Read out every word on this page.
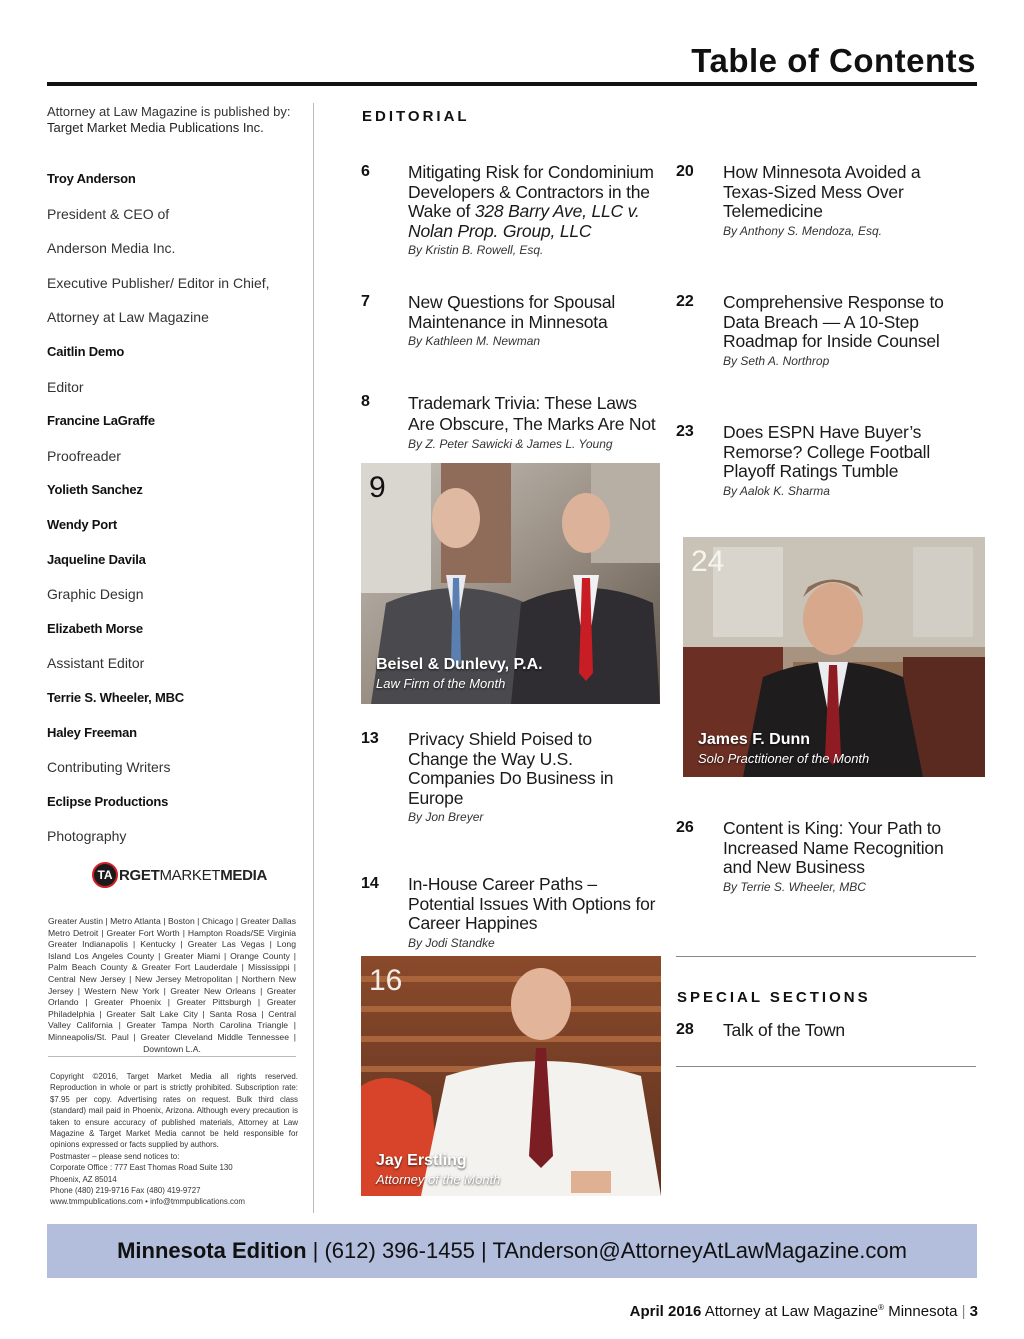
Table of Contents
Attorney at Law Magazine is published by:
Target Market Media Publications Inc.
Troy Anderson
President & CEO of
Anderson Media Inc.
Executive Publisher/ Editor in Chief,
Attorney at Law Magazine
Caitlin Demo
Editor
Francine LaGraffe
Proofreader
Yolieth Sanchez
Wendy Port
Jaqueline Davila
Graphic Design
Elizabeth Morse
Assistant Editor
Terrie S. Wheeler, MBC
Haley Freeman
Contributing Writers
Eclipse Productions
Photography
TA RGET MARKET MEDIA
Greater Austin | Metro Atlanta | Boston | Chicago | Greater Dallas Metro Detroit | Greater Fort Worth | Hampton Roads/SE Virginia Greater Indianapolis | Kentucky | Greater Las Vegas | Long Island Los Angeles County | Greater Miami | Orange County | Palm Beach County & Greater Fort Lauderdale | Mississippi | Central New Jersey | New Jersey Metropolitan | Northern New Jersey | Western New York | Greater New Orleans | Greater Orlando | Greater Phoenix | Greater Pittsburgh | Greater Philadelphia | Greater Salt Lake City | Santa Rosa | Central Valley California | Greater Tampa North Carolina Triangle | Minneapolis/St. Paul | Greater Cleveland Middle Tennessee | Downtown L.A.

Copyright ©2016, Target Market Media all rights reserved. Reproduction in whole or part is strictly prohibited. Subscription rate: $7.95 per copy. Advertising rates on request. Bulk third class (standard) mail paid in Phoenix, Arizona. Although every precaution is taken to ensure accuracy of published materials, Attorney at Law Magazine & Target Market Media cannot be held responsible for opinions expressed or facts supplied by authors.

Postmaster – please send notices to:
Corporate Office : 777 East Thomas Road Suite 130
Phoenix, AZ 85014
Phone (480) 219-9716 Fax (480) 419-9727
www.tmmpublications.com • info@tmmpublications.com
EDITORIAL
6 Mitigating Risk for Condominium Developers & Contractors in the Wake of 328 Barry Ave, LLC v. Nolan Prop. Group, LLC
By Kristin B. Rowell, Esq.
7 New Questions for Spousal Maintenance in Minnesota
By Kathleen M. Newman
8 Trademark Trivia: These Laws Are Obscure, The Marks Are Not
By Z. Peter Sawicki & James L. Young
9
Beisel & Dunlevy, P.A.
Law Firm of the Month
13 Privacy Shield Poised to Change the Way U.S. Companies Do Business in Europe
By Jon Breyer
14 In-House Career Paths – Potential Issues With Options for Career Happines
By Jodi Standke
16
Jay Erstling
Attorney of the Month
20 How Minnesota Avoided a Texas-Sized Mess Over Telemedicine
By Anthony S. Mendoza, Esq.
22 Comprehensive Response to Data Breach — A 10-Step Roadmap for Inside Counsel
By Seth A. Northrop
23 Does ESPN Have Buyer’s Remorse? College Football Playoff Ratings Tumble
By Aalok K. Sharma
24
James F. Dunn
Solo Practitioner of the Month
26 Content is King: Your Path to Increased Name Recognition and New Business
By Terrie S. Wheeler, MBC
SPECIAL SECTIONS
28 Talk of the Town
Minnesota Edition | (612) 396-1455 | TAnderson@AttorneyAtLawMagazine.com
April 2016 Attorney at Law Magazine® Minnesota | 3
